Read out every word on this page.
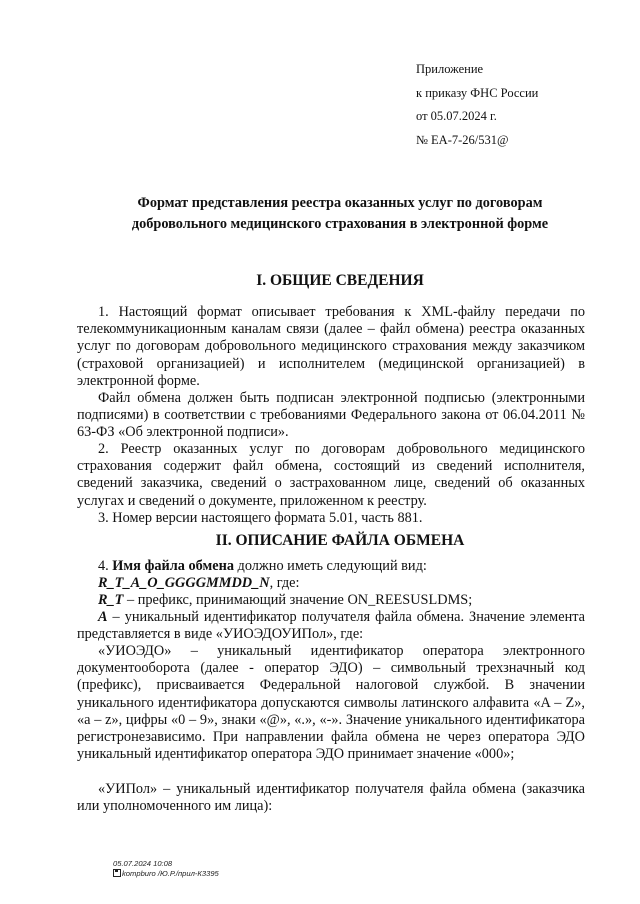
Приложение
к приказу ФНС России
от 05.07.2024 г.
№ ЕА-7-26/531@
Формат представления реестра оказанных услуг по договорам
добровольного медицинского страхования в электронной форме
I. ОБЩИЕ СВЕДЕНИЯ
1. Настоящий формат описывает требования к XML-файлу передачи по телекоммуникационным каналам связи (далее – файл обмена) реестра оказанных услуг по договорам добровольного медицинского страхования между заказчиком (страховой организацией) и исполнителем (медицинской организацией) в электронной форме.
Файл обмена должен быть подписан электронной подписью (электронными подписями) в соответствии с требованиями Федерального закона от 06.04.2011 № 63-ФЗ «Об электронной подписи».
2. Реестр оказанных услуг по договорам добровольного медицинского страхования содержит файл обмена, состоящий из сведений исполнителя, сведений заказчика, сведений о застрахованном лице, сведений об оказанных услугах и сведений о документе, приложенном к реестру.
3. Номер версии настоящего формата 5.01, часть 881.
II. ОПИСАНИЕ ФАЙЛА ОБМЕНА
4. Имя файла обмена должно иметь следующий вид:
R_T_A_O_GGGGMMDD_N, где:
R_T – префикс, принимающий значение ON_REESUSLDMS;
A – уникальный идентификатор получателя файла обмена. Значение элемента представляется в виде «УИОЭДОУИПол», где:
«УИОЭДО» – уникальный идентификатор оператора электронного документооборота (далее - оператор ЭДО) – символьный трехзначный код (префикс), присваивается Федеральной налоговой службой. В значении уникального идентификатора допускаются символы латинского алфавита «A – Z», «a – z», цифры «0 – 9», знаки «@», «.», «-». Значение уникального идентификатора регистронезависимо. При направлении файла обмена не через оператора ЭДО уникальный идентификатор оператора ЭДО принимает значение «000»;
«УИПол» – уникальный идентификатор получателя файла обмена (заказчика или уполномоченного им лица):
05.07.2024 10:08
kompburo /Ю.Р./прил-К3395
